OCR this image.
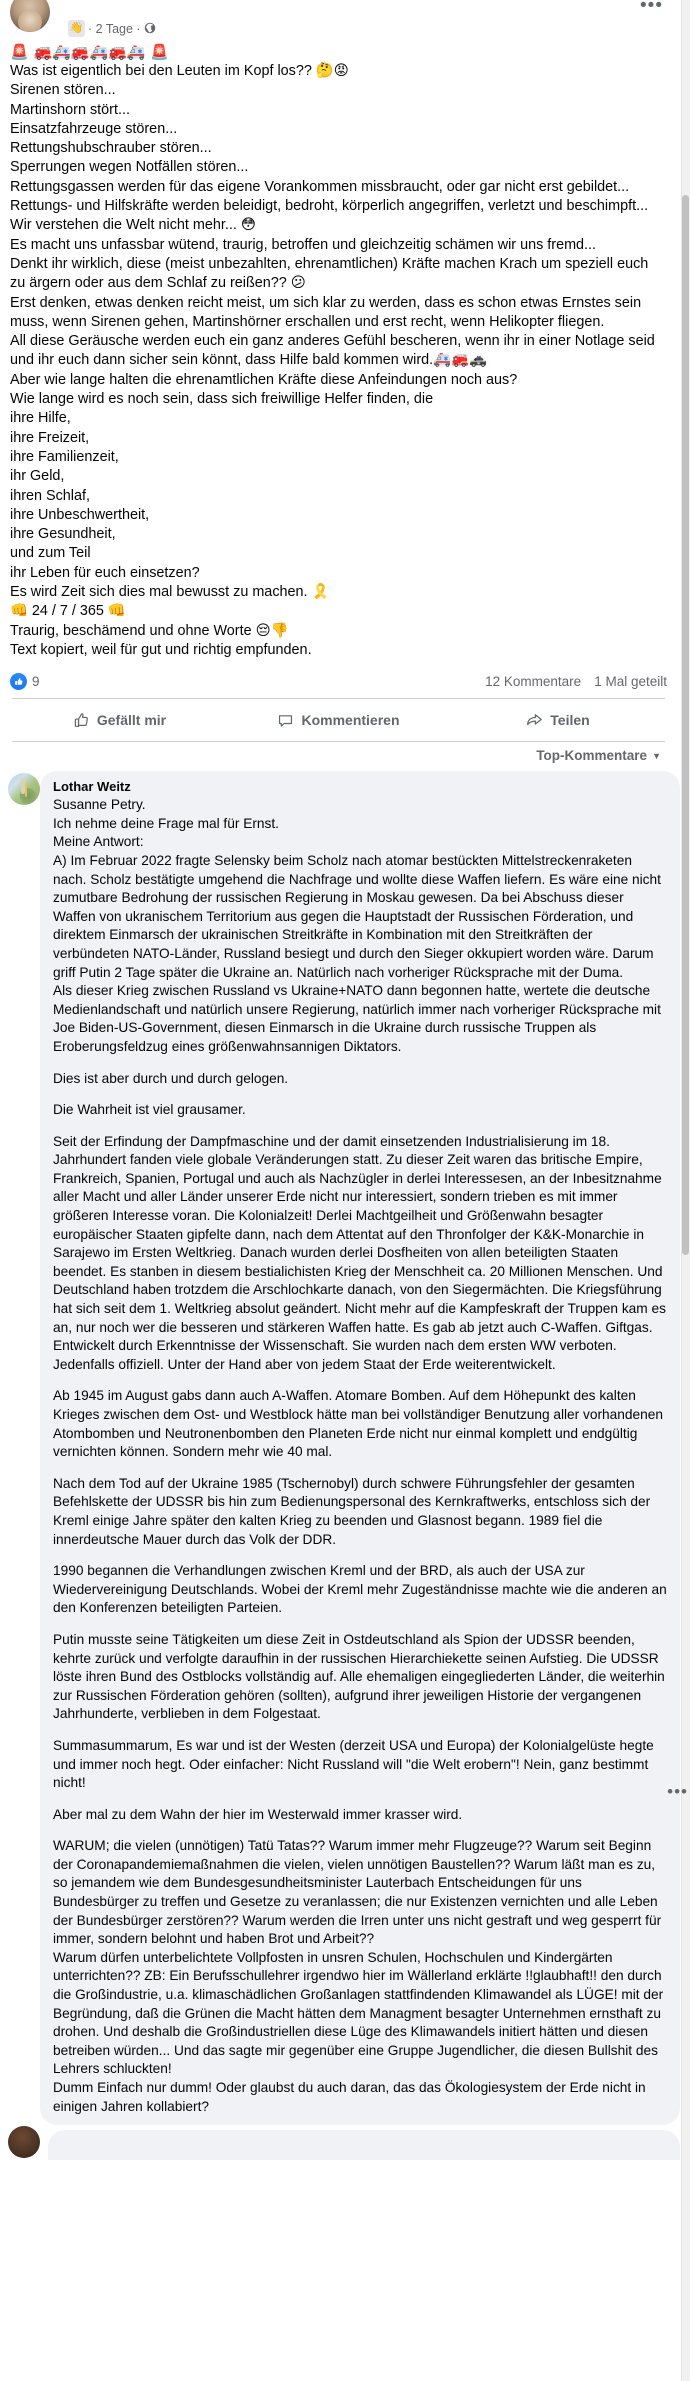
👋 · 2 Tage ·
•••
🚨 🚒🚑🚒🚑🚒🚑 🚨
Was ist eigentlich bei den Leuten im Kopf los?? 🤔😡
Sirenen stören...
Martinshorn stört...
Einsatzfahrzeuge stören...
Rettungshubschrauber stören...
Sperrungen wegen Notfällen stören...
Rettungsgassen werden für das eigene Vorankommen missbraucht, oder gar nicht erst gebildet...
Rettungs- und Hilfskräfte werden beleidigt, bedroht, körperlich angegriffen, verletzt und beschimpft...
Wir verstehen die Welt nicht mehr... 😳
Es macht uns unfassbar wütend, traurig, betroffen und gleichzeitig schämen wir uns fremd...
Denkt ihr wirklich, diese (meist unbezahlten, ehrenamtlichen) Kräfte machen Krach um speziell euch zu ärgern oder aus dem Schlaf zu reißen?? 😕
Erst denken, etwas denken reicht meist, um sich klar zu werden, dass es schon etwas Ernstes sein muss, wenn Sirenen gehen, Martinshörner erschallen und erst recht, wenn Helikopter fliegen.
All diese Geräusche werden euch ein ganz anderes Gefühl bescheren, wenn ihr in einer Notlage seid und ihr euch dann sicher sein könnt, dass Hilfe bald kommen wird.🚑🚒🚓
Aber wie lange halten die ehrenamtlichen Kräfte diese Anfeindungen noch aus?
Wie lange wird es noch sein, dass sich freiwillige Helfer finden, die
ihre Hilfe,
ihre Freizeit,
ihre Familienzeit,
ihr Geld,
ihren Schlaf,
ihre Unbeschwertheit,
ihre Gesundheit,
und zum Teil
ihr Leben für euch einsetzen?
Es wird Zeit sich dies mal bewusst zu machen. 🎗️
👊 24 / 7 / 365 👊
Traurig, beschämend und ohne Worte 😔👎
Text kopiert, weil für gut und richtig empfunden.
9	12 Kommentare 1 Mal geteilt
Gefällt mir	Kommentieren	Teilen
Top-Kommentare ▼
Lothar Weitz

Susanne Petry.

Ich nehme deine Frage mal für Ernst.

Meine Antwort:

A) Im Februar 2022 fragte Selensky beim Scholz nach atomar bestückten Mittelstreckenraketen nach. Scholz bestätigte umgehend die Nachfrage und wollte diese Waffen liefern. Es wäre eine nicht zumutbare Bedrohung der russischen Regierung in Moskau gewesen. Da bei Abschuss dieser Waffen von ukranischem Territorium aus gegen die Hauptstadt der Russischen Förderation, und direktem Einmarsch der ukrainischen Streitkräfte in Kombination mit den Streitkräften der verbündeten NATO-Länder, Russland besiegt und durch den Sieger okkupiert worden wäre. Darum griff Putin 2 Tage später die Ukraine an. Natürlich nach vorheriger Rücksprache mit der Duma.

Als dieser Krieg zwischen Russland vs Ukraine+NATO dann begonnen hatte, wertete die deutsche Medienlandschaft und natürlich unsere Regierung, natürlich immer nach vorheriger Rücksprache mit Joe Biden-US-Government, diesen Einmarsch in die Ukraine durch russische Truppen als Eroberungsfeldzug eines größenwahnsannigen Diktators.

Dies ist aber durch und durch gelogen.

Die Wahrheit ist viel grausamer.

Seit der Erfindung der Dampfmaschine und der damit einsetzenden Industrialisierung im 18. Jahrhundert fanden viele globale Veränderungen statt. Zu dieser Zeit waren das britische Empire, Frankreich, Spanien, Portugal und auch als Nachzügler in derlei Interessesen, an der Inbesitznahme aller Macht und aller Länder unserer Erde nicht nur interessiert, sondern trieben es mit immer größeren Interesse voran. Die Kolonialzeit! Derlei Machtgeilheit und Größenwahn besagter europäischer Staaten gipfelte dann, nach dem Attentat auf den Thronfolger der K&K-Monarchie in Sarajewo im Ersten Weltkrieg. Danach wurden derlei Dosfheiten von allen beteiligten Staaten beendet. Es stanben in diesem bestialichisten Krieg der Menschheit ca. 20 Millionen Menschen. Und Deutschland haben trotzdem die Arschlochkarte danach, von den Siegermächten. Die Kriegsführung hat sich seit dem 1. Weltkrieg absolut geändert. Nicht mehr auf die Kampfeskraft der Truppen kam es an, nur noch wer die besseren und stärkeren Waffen hatte. Es gab ab jetzt auch C-Waffen. Giftgas. Entwickelt durch Erkenntnisse der Wissenschaft. Sie wurden nach dem ersten WW verboten. Jedenfalls offiziell. Unter der Hand aber von jedem Staat der Erde weiterentwickelt.

Ab 1945 im August gabs dann auch A-Waffen. Atomare Bomben. Auf dem Höhepunkt des kalten Krieges zwischen dem Ost- und Westblock hätte man bei vollständiger Benutzung aller vorhandenen Atombomben und Neutronenbomben den Planeten Erde nicht nur einmal komplett und endgültig vernichten können. Sondern mehr wie 40 mal.

Nach dem Tod auf der Ukraine 1985 (Tschernobyl) durch schwere Führungsfehler der gesamten Befehlskette der UDSSR bis hin zum Bedienungspersonal des Kernkraftwerks, entschloss sich der Kreml einige Jahre später den kalten Krieg zu beenden und Glasnost begann. 1989 fiel die innerdeutsche Mauer durch das Volk der DDR.

1990 begannen die Verhandlungen zwischen Kreml und der BRD, als auch der USA zur Wiedervereinigung Deutschlands. Wobei der Kreml mehr Zugeständnisse machte wie die anderen an den Konferenzen beteiligten Parteien.

Putin musste seine Tätigkeiten um diese Zeit in Ostdeutschland als Spion der UDSSR beenden, kehrte zurück und verfolgte daraufhin in der russischen Hierarchiekette seinen Aufstieg. Die UDSSR löste ihren Bund des Ostblocks vollständig auf. Alle ehemaligen eingegliederten Länder, die weiterhin zur Russischen Förderation gehören (sollten), aufgrund ihrer jeweiligen Historie der vergangenen Jahrhunderte, verblieben in dem Folgestaat.

Summasummarum, Es war und ist der Westen (derzeit USA und Europa) der Kolonialgelüste hegte und immer noch hegt. Oder einfacher: Nicht Russland will "die Welt erobern"! Nein, ganz bestimmt nicht!

Aber mal zu dem Wahn der hier im Westerwald immer krasser wird.

WARUM; die vielen (unnötigen) Tatü Tatas?? Warum immer mehr Flugzeuge?? Warum seit Beginn der Coronapandemiemaßnahmen die vielen, vielen unnötigen Baustellen?? Warum läßt man es zu, so jemandem wie dem Bundesgesundheitsminister Lauterbach Entscheidungen für uns Bundesbürger zu treffen und Gesetze zu veranlassen; die nur Existenzen vernichten und alle Leben der Bundesbürger zerstören?? Warum werden die Irren unter uns nicht gestraft und weg gesperrt für immer, sondern belohnt und haben Brot und Arbeit??

Warum dürfen unterbelichtete Vollpfosten in unsren Schulen, Hochschulen und Kindergärten unterrichten?? ZB: Ein Berufsschullehrer irgendwo hier im Wällerland erklärte !!glaubhaft!! den durch die Großindustrie, u.a. klimaschädlichen Großanlagen stattfindenden Klimawandel als LÜGE! mit der Begründung, daß die Grünen die Macht hätten dem Managment besagter Unternehmen ernsthaft zu drohen. Und deshalb die Großindustriellen diese Lüge des Klimawandels initiert hätten und diesen betreiben würden... Und das sagte mir gegenüber eine Gruppe Jugendlicher, die diesen Bullshit des Lehrers schluckten!

Dumm Einfach nur dumm! Oder glaubst du auch daran, das das Ökologiesystem der Erde nicht in einigen Jahren kollabiert?

•••
